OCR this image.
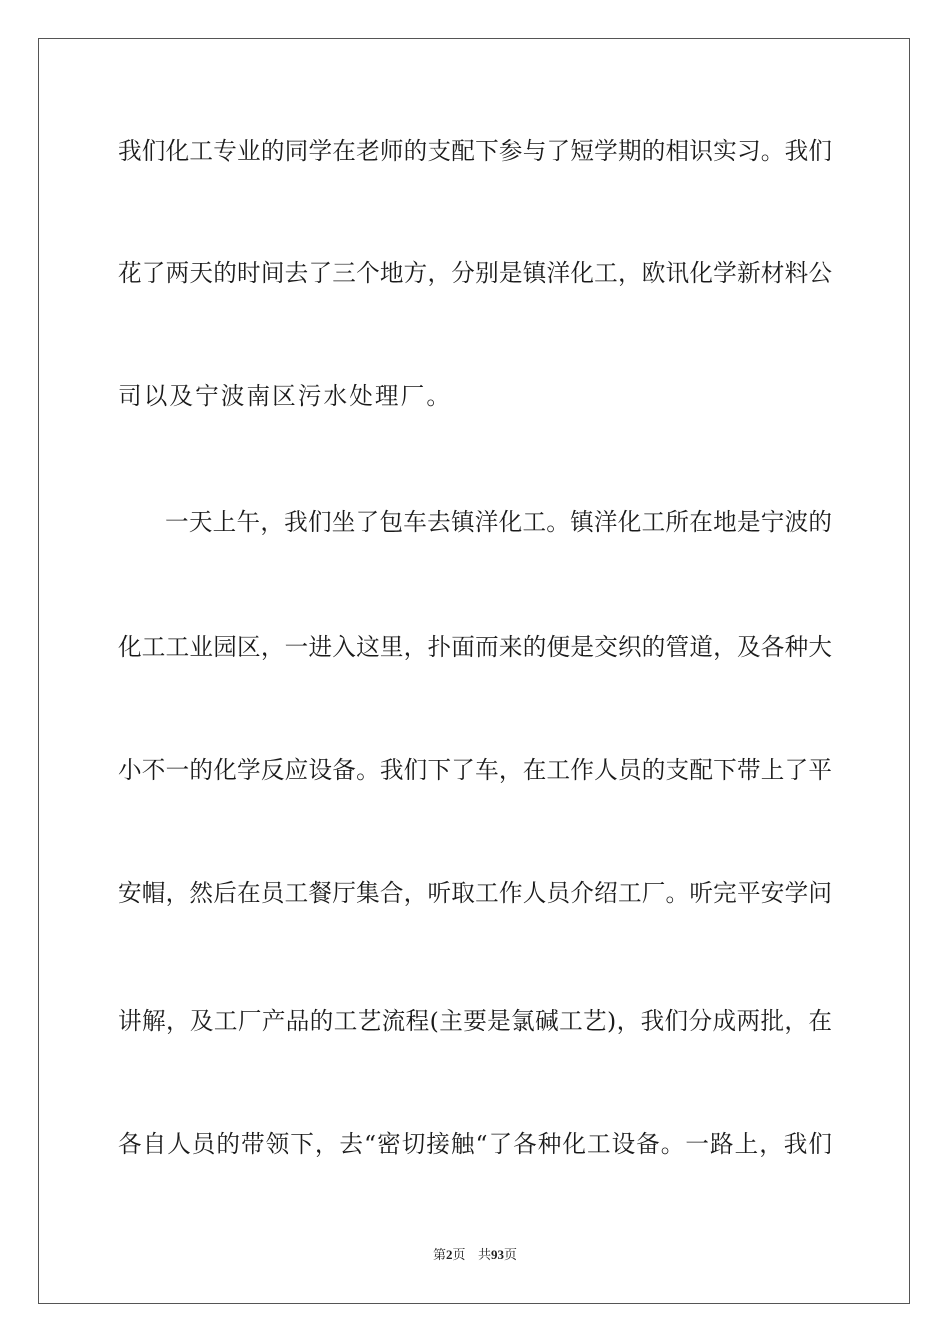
我们化工专业的同学在老师的支配下参与了短学期的相识实习。我们
花了两天的时间去了三个地方，分别是镇洋化工，欧讯化学新材料公
司以及宁波南区污水处理厂。
一天上午，我们坐了包车去镇洋化工。镇洋化工所在地是宁波的
化工工业园区，一进入这里，扑面而来的便是交织的管道，及各种大
小不一的化学反应设备。我们下了车，在工作人员的支配下带上了平
安帽，然后在员工餐厅集合，听取工作人员介绍工厂。听完平安学问
讲解，及工厂产品的工艺流程(主要是氯碱工艺)，我们分成两批，在
各自人员的带领下，去“密切接触“了各种化工设备。一路上，我们
第2页 共93页
